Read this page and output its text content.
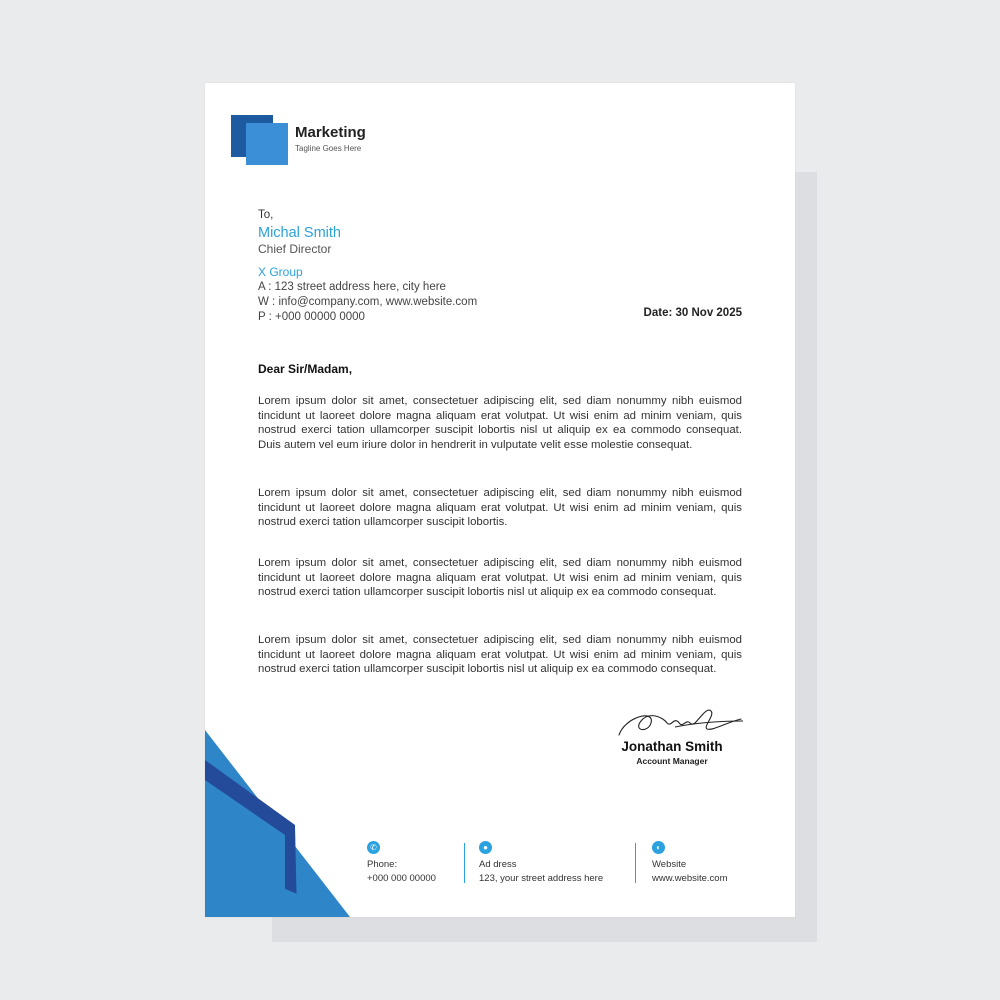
Marketing
Tagline Goes Here
To,
Michal Smith
Chief Director
X Group
A : 123 street address here, city here
W : info@company.com, www.website.com
P : +000 00000 0000	Date: 30 Nov 2025
Dear Sir/Madam,

Lorem ipsum dolor sit amet, consectetuer adipiscing elit, sed diam nonummy nibh euismod tincidunt ut laoreet dolore magna aliquam erat volutpat. Ut wisi enim ad minim veniam, quis nostrud exerci tation ullamcorper suscipit lobortis nisl ut aliquip ex ea commodo consequat. Duis autem vel eum iriure dolor in hendrerit in vulputate velit esse molestie consequat.

Lorem ipsum dolor sit amet, consectetuer adipiscing elit, sed diam nonummy nibh euismod tincidunt ut laoreet dolore magna aliquam erat volutpat. Ut wisi enim ad minim veniam, quis nostrud exerci tation ullamcorper suscipit lobortis.

Lorem ipsum dolor sit amet, consectetuer adipiscing elit, sed diam nonummy nibh euismod tincidunt ut laoreet dolore magna aliquam erat volutpat. Ut wisi enim ad minim veniam, quis nostrud exerci tation ullamcorper suscipit lobortis nisl ut aliquip ex ea commodo consequat.

Lorem ipsum dolor sit amet, consectetuer adipiscing elit, sed diam nonummy nibh euismod tincidunt ut laoreet dolore magna aliquam erat volutpat. Ut wisi enim ad minim veniam, quis nostrud exerci tation ullamcorper suscipit lobortis nisl ut aliquip ex ea commodo consequat.

Jonathan Smith
Account Manager
✆
Phone:
+000 000 00000
●
Ad dress
123, your street address here
◐
Website
www.website.com
